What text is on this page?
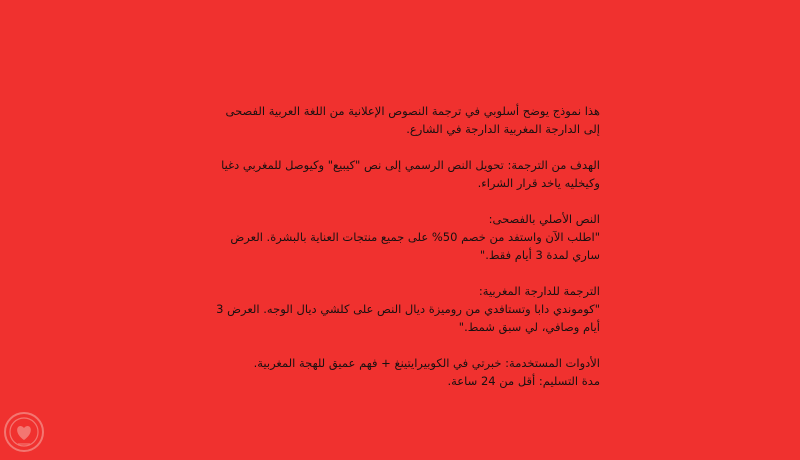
هذا نموذج يوضح أسلوبي في ترجمة النصوص الإعلانية من اللغة العربية الفصحى
إلى الدارجة المغربية الدارجة في الشارع.

الهدف من الترجمة: تحويل النص الرسمي إلى نص "كيبيع" وكيوصل للمغربي دغيا
وكيخليه ياخد قرار الشراء.

النص الأصلي بالفصحى:
"اطلب الآن واستفد من خصم 50% على جميع منتجات العناية بالبشرة. العرض
ساري لمدة 3 أيام فقط."

الترجمة للدارجة المغربية:
"كوموندي دابا وتستافدي من روميزة ديال النص على كلشي ديال الوجه. العرض 3
أيام وصافي، لي سبق شمط."

الأدوات المستخدمة: خبرتي في الكوبيرايتينغ + فهم عميق للهجة المغربية.
مدة التسليم: أقل من 24 ساعة.
